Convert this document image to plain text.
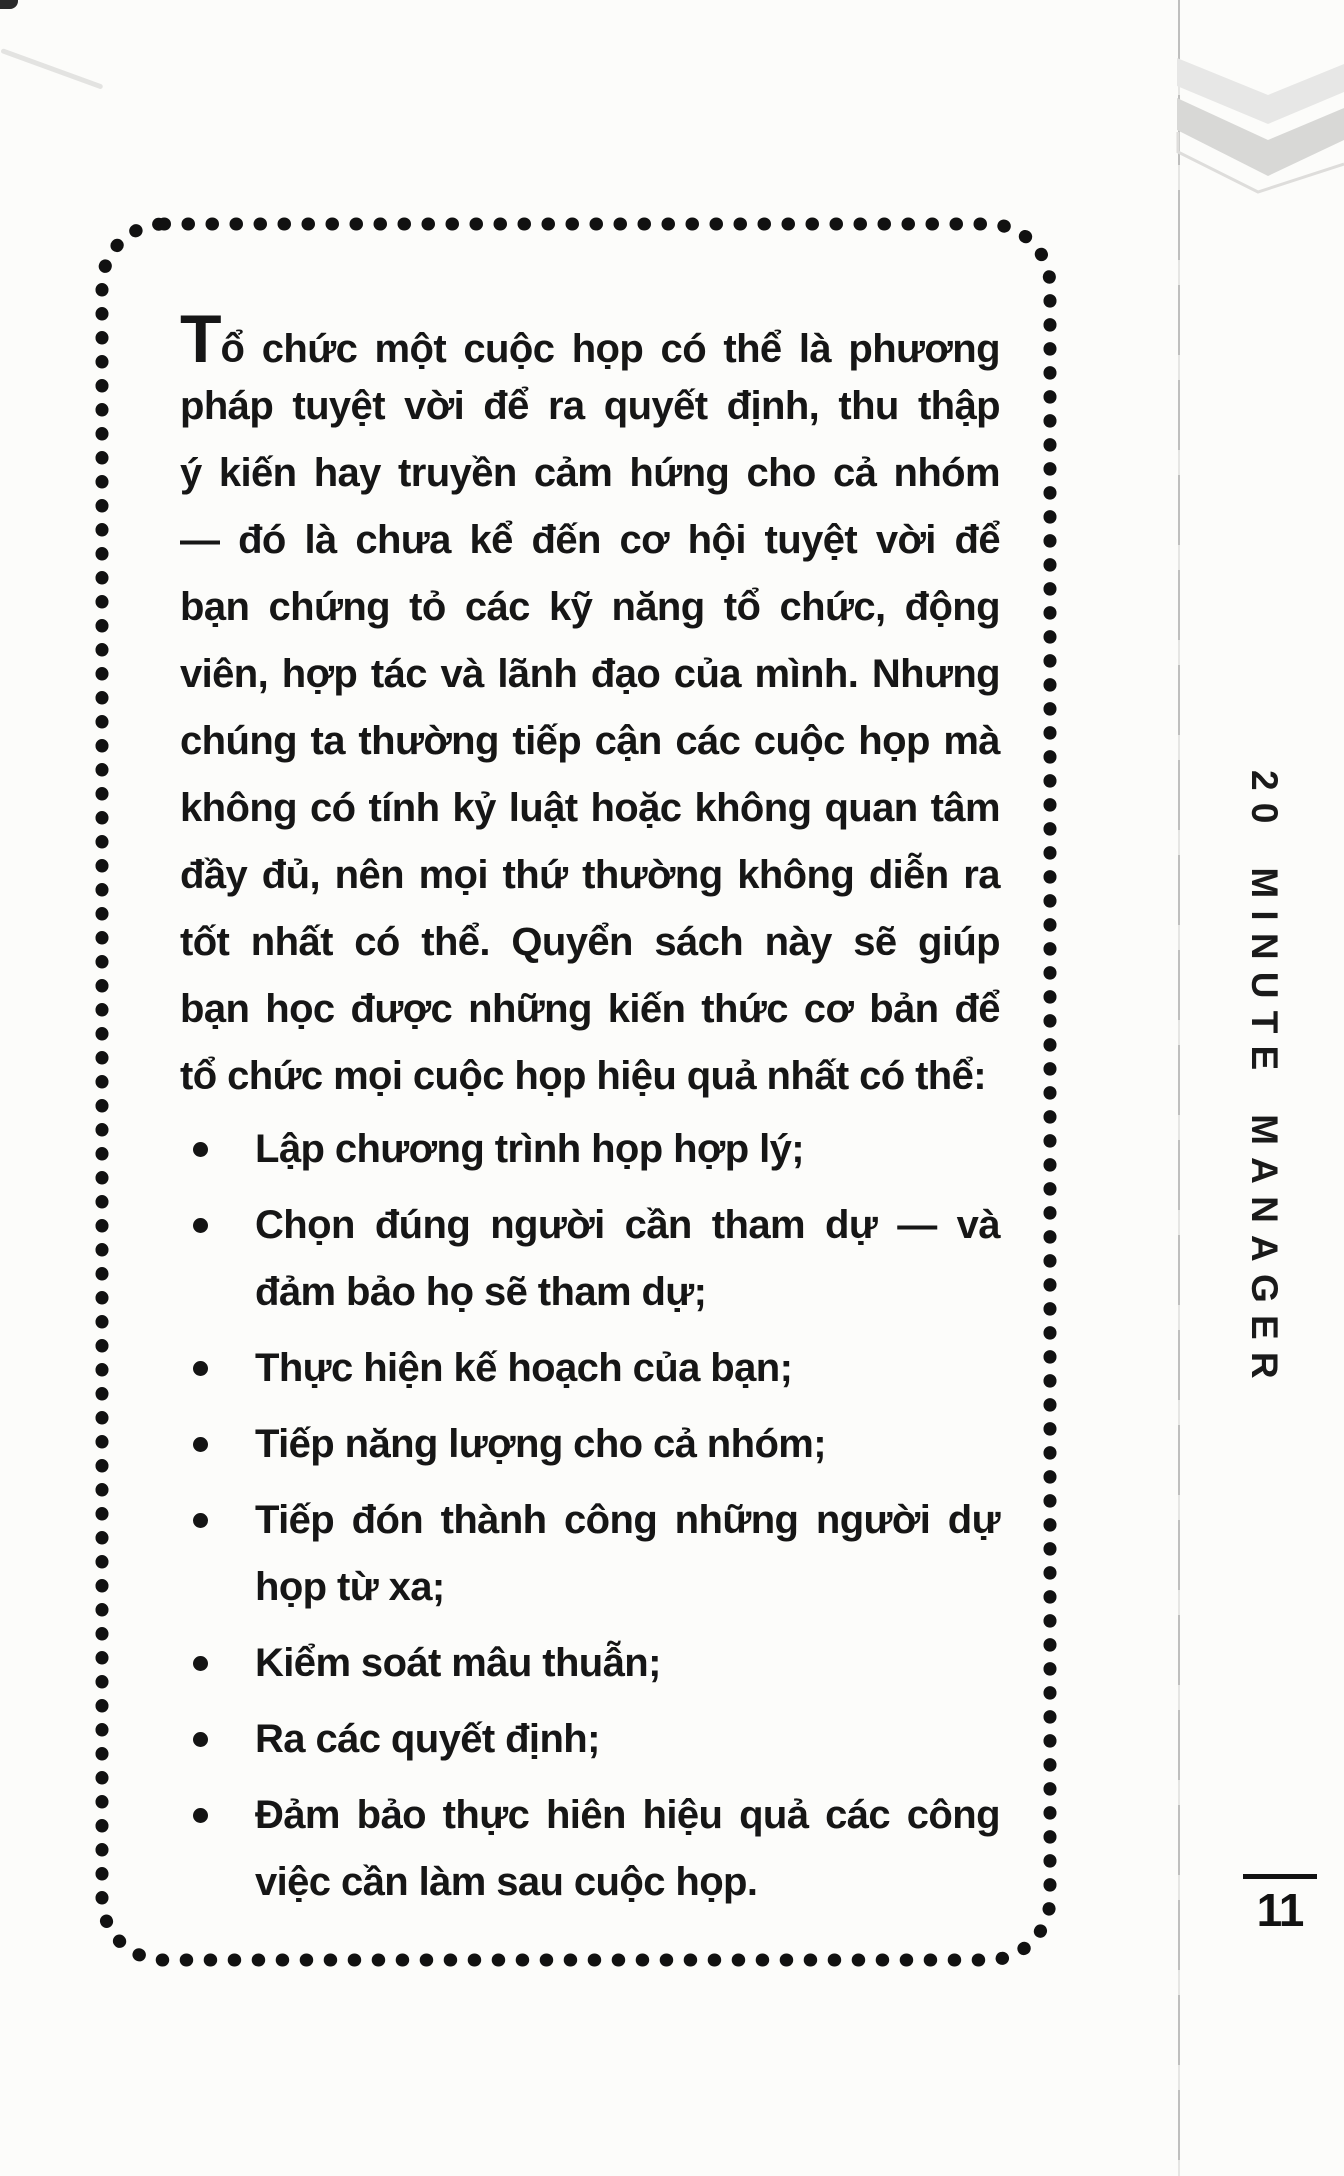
Tổ chức một cuộc họp có thể là phương
pháp tuyệt vời để ra quyết định, thu thập
ý kiến hay truyền cảm hứng cho cả nhóm
— đó là chưa kể đến cơ hội tuyệt vời để
bạn chứng tỏ các kỹ năng tổ chức, động
viên, hợp tác và lãnh đạo của mình. Nhưng
chúng ta thường tiếp cận các cuộc họp mà
không có tính kỷ luật hoặc không quan tâm
đầy đủ, nên mọi thứ thường không diễn ra
tốt nhất có thể. Quyển sách này sẽ giúp
bạn học được những kiến thức cơ bản để
tổ chức mọi cuộc họp hiệu quả nhất có thể:
Lập chương trình họp hợp lý;
Chọn đúng người cần tham dự — và
đảm bảo họ sẽ tham dự;
Thực hiện kế hoạch của bạn;
Tiếp năng lượng cho cả nhóm;
Tiếp đón thành công những người dự
họp từ xa;
Kiểm soát mâu thuẫn;
Ra các quyết định;
Đảm bảo thực hiên hiệu quả các công
việc cần làm sau cuộc họp.
20 MINUTE MANAGER
11
